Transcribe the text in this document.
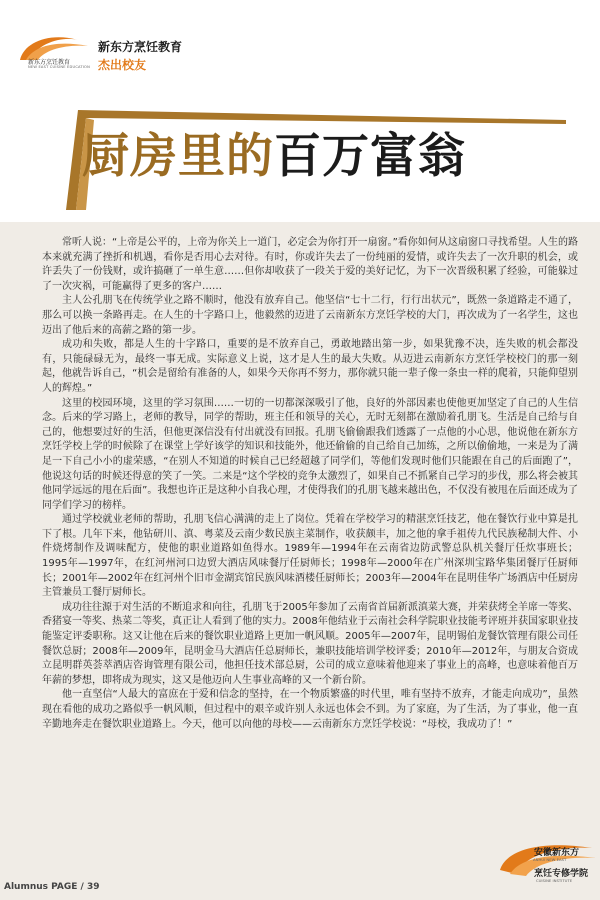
新东方烹饪教育
NEW EAST CUISINE EDUCATION
新东方烹饪教育
杰出校友
厨房里的百万富翁

常听人说：“上帝是公平的，上帝为你关上一道门，必定会为你打开一扇窗。”看你如何从这扇窗口寻找希望。人生的路本来就充满了挫折和机遇，看你是否用心去对待。有时，你或许失去了一份纯丽的爱情，或许失去了一次升职的机会，或许丢失了一份钱财，或许搞砸了一单生意……但你却收获了一段关于爱的美好记忆，为下一次晋级积累了经验，可能躲过了一次灾祸，可能赢得了更多的客户……

主人公孔朋飞在传统学业之路不顺时，他没有放弃自己。他坚信“七十二行，行行出状元”，既然一条道路走不通了，那么可以换一条路再走。在人生的十字路口上，他毅然的迈进了云南新东方烹饪学校的大门，再次成为了一名学生，这也迈出了他后来的高薪之路的第一步。

成功和失败，都是人生的十字路口，重要的是不放弃自己，勇敢地踏出第一步，如果犹豫不决，连失败的机会都没有，只能碌碌无为，最终一事无成。实际意义上说，这才是人生的最大失败。从迈进云南新东方烹饪学校校门的那一刻起，他就告诉自己，“机会是留给有准备的人，如果今天你再不努力，那你就只能一辈子像一条虫一样的爬着，只能仰望别人的辉煌。”

这里的校园环境，这里的学习氛围……一切的一切都深深吸引了他，良好的外部因素也使他更加坚定了自己的人生信念。后来的学习路上，老师的教导，同学的帮助，班主任和领导的关心，无时无刻都在激励着孔朋飞。生活是自己给与自己的，他想要过好的生活，但他更深信没有付出就没有回报。孔朋飞偷偷跟我们透露了一点他的小心思，他说他在新东方烹饪学校上学的时候除了在课堂上学好该学的知识和技能外，他还偷偷的自己给自己加练，之所以偷偷地，一来是为了满足一下自己小小的虚荣感，“在别人不知道的时候自己已经超越了同学们，等他们发现时他们只能跟在自己的后面跑了”，他说这句话的时候还得意的笑了一笑。二来是“这个学校的竞争太激烈了，如果自己不抓紧自己学习的步伐，那么将会被其他同学远远的甩在后面”。我想也许正是这种小自我心理，才使得我们的孔朋飞越来越出色，不仅没有被甩在后面还成为了同学们学习的榜样。

通过学校就业老师的帮助，孔朋飞信心满满的走上了岗位。凭着在学校学习的精湛烹饪技艺，他在餐饮行业中算是扎下了根。几年下来，他钻研川、滇、粤菜及云南少数民族主菜制作，收获颇丰，加之他的拿手祖传九代民族秘制大件、小件烧烤制作及调味配方，使他的职业道路如鱼得水。1989年—1994年在云南省边防武警总队机关餐厅任炊事班长；1995年—1997年，在红河州河口边贸大酒店风味餐厅任厨师长；1998年—2000年在广州深圳宝路华集团餐厅任厨师长；2001年—2002年在红河州个旧市金湖宾馆民族风味酒楼任厨师长；2003年—2004年在昆明佳华广场酒店中任厨房主管兼员工餐厅厨师长。

成功往往源于对生活的不断追求和向往，孔朋飞于2005年参加了云南省首届新派滇菜大赛，并荣获烤全羊席一等奖、香猪宴一等奖、热菜二等奖，真正让人看到了他的实力。2008年他结业于云南社会科学院职业技能考评班并获国家职业技能鉴定评委职称。这又让他在后来的餐饮职业道路上更加一帆风顺。2005年—2007年，昆明锡伯龙餐饮管理有限公司任餐饮总厨；2008年—2009年，昆明金马大酒店任总厨师长，兼职技能培训学校评委；2010年—2012年，与朋友合资成立昆明群英荟萃酒店咨询管理有限公司，他担任技术部总厨，公司的成立意味着他迎来了事业上的高峰，也意味着他百万年薪的梦想，即将成为现实，这又是他迈向人生事业高峰的又一个新台阶。

他一直坚信“人最大的富庶在于爱和信念的坚持，在一个物质繁盛的时代里，唯有坚持不放弃，才能走向成功”，虽然现在看他的成功之路似乎一帆风顺，但过程中的艰辛或许别人永远也体会不到。为了家庭，为了生活，为了事业，他一直辛勤地奔走在餐饮职业道路上。今天，他可以向他的母校——云南新东方烹饪学校说：“母校，我成功了！”

Alumnus PAGE / 39
安徽新东方
ANHUI NEW EAST
烹饪专修学院
CUISINE INSTITUTE
